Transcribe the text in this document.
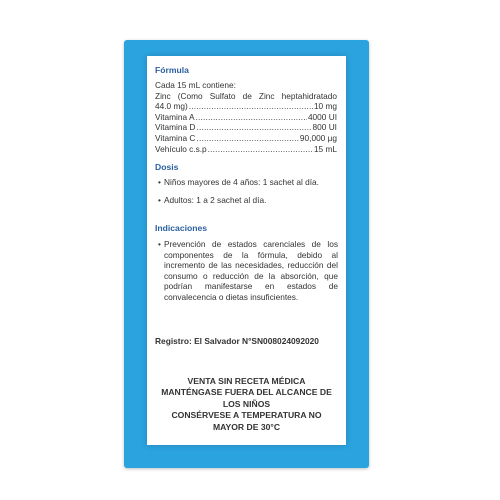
Fórmula
Cada 15 mL contiene:
Zinc (Como Sulfato de Zinc heptahidratado
44.0 mg) .....	10 mg
Vitamina A .....	4000 UI
Vitamina D .....	800 UI
Vitamina C .....	90,000 µg
Vehículo c.s.p .....	15 mL
Dosis
• Niños mayores de 4 años: 1 sachet al día.
• Adultos: 1 a 2 sachet al día.
Indicaciones
• Prevención de estados carenciales de los componentes de la fórmula, debido al incremento de las necesidades, reducción del consumo o reducción de la absorción, que podrían manifestarse en estados de convalecencia o dietas insuficientes.
Registro: El Salvador N°SN008024092020
VENTA SIN RECETA MÉDICA
MANTÉNGASE FUERA DEL ALCANCE DE
LOS NIÑOS
CONSÉRVESE A TEMPERATURA NO
MAYOR DE 30°C
